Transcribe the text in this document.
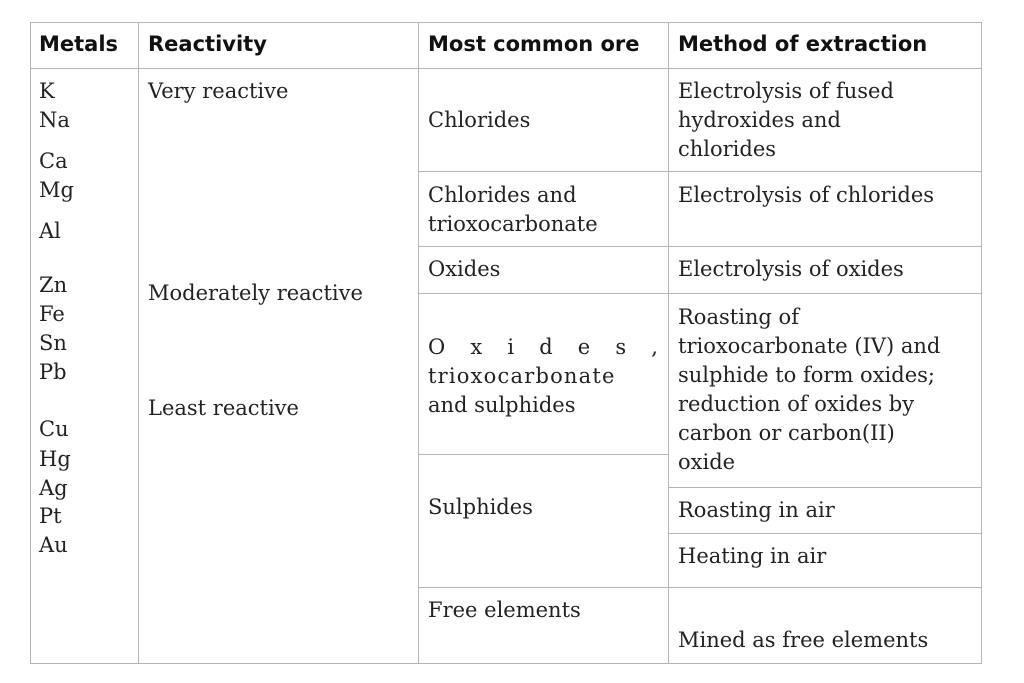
Metals Reactivity	Most common ore Method of extraction
K
Na
Ca
Mg
Al
Zn
Fe
Sn
Pb
Cu
Hg
Ag
Pt
Au
Very reactive
Moderately reactive
Least reactive
Chlorides
Chlorides and
trioxocarbonate
Oxides
O x i d e s ,
trioxocarbonate
and sulphides
Sulphides
Free elements
Electrolysis of fused
hydroxides and
chlorides
Electrolysis of chlorides
Electrolysis of oxides
Roasting of
trioxocarbonate (IV) and
sulphide to form oxides;
reduction of oxides by
carbon or carbon(II)
oxide
Roasting in air
Heating in air
Mined as free elements
